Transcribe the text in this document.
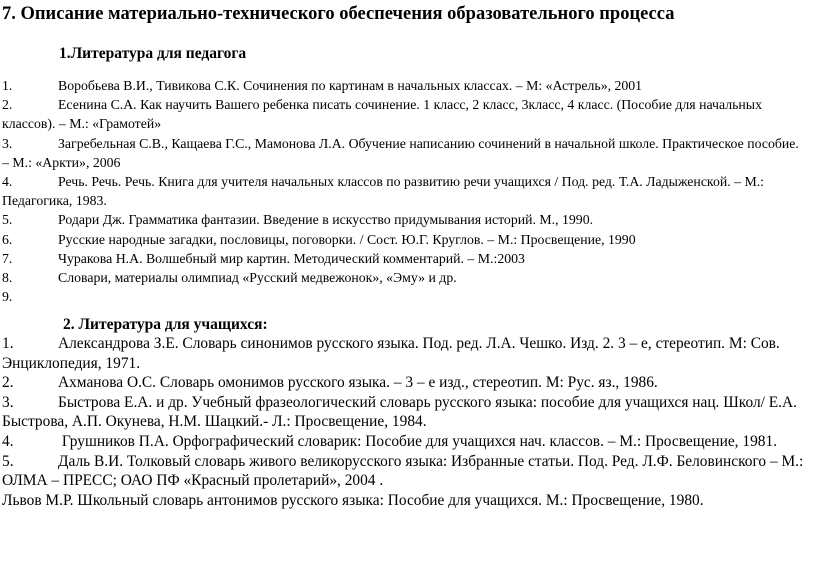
7. Описание материально-технического обеспечения образовательного процесса
1.Литература для педагога

1.	Воробьева В.И., Тивикова С.К. Сочинения по картинам в начальных классах. – М: «Астрель», 2001

2.	Есенина С.А. Как научить Вашего ребенка писать сочинение. 1 класс, 2 класс, 3класс, 4 класс. (Пособие для начальных классов). – М.: «Грамотей»

3.	Загребельная С.В., Кащаева Г.С., Мамонова Л.А. Обучение написанию сочинений в начальной школе. Практическое пособие. – М.: «Аркти», 2006

4.	Речь. Речь. Речь. Книга для учителя начальных классов по развитию речи учащихся / Под. ред. Т.А. Ладыженской. – М.: Педагогика, 1983.

5.	Родари Дж. Грамматика фантазии. Введение в искусство придумывания историй. М., 1990.

6.	Русские народные загадки, пословицы, поговорки. / Сост. Ю.Г. Круглов. – М.: Просвещение, 1990

7.	Чуракова Н.А. Волшебный мир картин. Методический комментарий. – М.:2003

8.	Словари, материалы олимпиад «Русский медвежонок», «Эму» и др.

9.

2. Литература для учащихся:

1.	Александрова З.Е. Словарь синонимов русского языка. Под. ред. Л.А. Чешко. Изд. 2. 3 – е, стереотип. М: Сов. Энциклопедия, 1971.

2.	Ахманова О.С. Словарь омонимов русского языка. – 3 – е изд., стереотип. М: Рус. яз., 1986.

3.	Быстрова Е.А. и др. Учебный фразеологический словарь русского языка: пособие для учащихся нац. Школ/ Е.А. Быстрова, А.П. Окунева, Н.М. Шацкий.- Л.: Просвещение, 1984.

4.	Грушников П.А. Орфографический словарик: Пособие для учащихся нач. классов. – М.: Просвещение, 1981.

5.	Даль В.И. Толковый словарь живого великорусского языка: Избранные статьи. Под. Ред. Л.Ф. Беловинского – М.: ОЛМА – ПРЕСС; ОАО ПФ «Красный пролетарий», 2004 .

Львов М.Р. Школьный словарь антонимов русского языка: Пособие для учащихся. М.: Просвещение, 1980.
